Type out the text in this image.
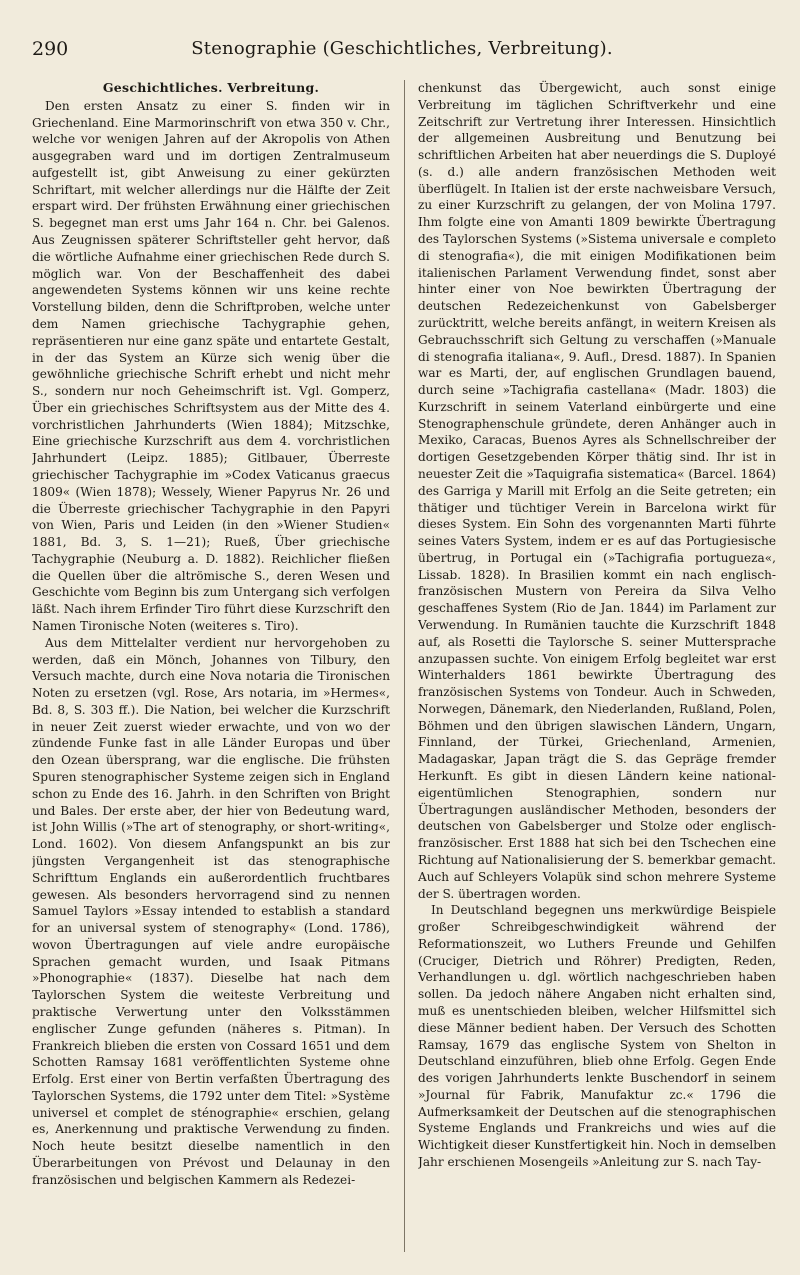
290	Stenographie (Geschichtliches, Verbreitung).
Geschichtliches. Verbreitung.

Den ersten Ansatz zu einer S. finden wir in Griechenland. Eine Marmorinschrift von etwa 350 v. Chr., welche vor wenigen Jahren auf der Akropolis von Athen ausgegraben ward und im dortigen Zentralmuseum aufgestellt ist, gibt Anweisung zu einer gekürzten Schriftart, mit welcher allerdings nur die Hälfte der Zeit erspart wird. Der frühsten Erwähnung einer griechischen S. begegnet man erst ums Jahr 164 n. Chr. bei Galenos. Aus Zeugnissen späterer Schriftsteller geht hervor, daß die wörtliche Aufnahme einer griechischen Rede durch S. möglich war. Von der Beschaffenheit des dabei angewendeten Systems können wir uns keine rechte Vorstellung bilden, denn die Schriftproben, welche unter dem Namen griechische Tachygraphie gehen, repräsentieren nur eine ganz späte und entartete Gestalt, in der das System an Kürze sich wenig über die gewöhnliche griechische Schrift erhebt und nicht mehr S., sondern nur noch Geheimschrift ist. Vgl. Gomperz, Über ein griechisches Schriftsystem aus der Mitte des 4. vorchristlichen Jahrhunderts (Wien 1884); Mitzschke, Eine griechische Kurzschrift aus dem 4. vorchristlichen Jahrhundert (Leipz. 1885); Gitlbauer, Überreste griechischer Tachygraphie im »Codex Vaticanus graecus 1809« (Wien 1878); Wessely, Wiener Papyrus Nr. 26 und die Überreste griechischer Tachygraphie in den Papyri von Wien, Paris und Leiden (in den »Wiener Studien« 1881, Bd. 3, S. 1—21); Rueß, Über griechische Tachygraphie (Neuburg a. D. 1882). Reichlicher fließen die Quellen über die altrömische S., deren Wesen und Geschichte vom Beginn bis zum Untergang sich verfolgen läßt. Nach ihrem Erfinder Tiro führt diese Kurzschrift den Namen Tironische Noten (weiteres s. Tiro).

Aus dem Mittelalter verdient nur hervorgehoben zu werden, daß ein Mönch, Johannes von Tilbury, den Versuch machte, durch eine Nova notaria die Tironischen Noten zu ersetzen (vgl. Rose, Ars notaria, im »Hermes«, Bd. 8, S. 303 ff.). Die Nation, bei welcher die Kurzschrift in neuer Zeit zuerst wieder erwachte, und von wo der zündende Funke fast in alle Länder Europas und über den Ozean übersprang, war die englische. Die frühsten Spuren stenographischer Systeme zeigen sich in England schon zu Ende des 16. Jahrh. in den Schriften von Bright und Bales. Der erste aber, der hier von Bedeutung ward, ist John Willis (»The art of stenography, or short-writing«, Lond. 1602). Von diesem Anfangspunkt an bis zur jüngsten Vergangenheit ist das stenographische Schrifttum Englands ein außerordentlich fruchtbares gewesen. Als besonders hervorragend sind zu nennen Samuel Taylors »Essay intended to establish a standard for an universal system of stenography« (Lond. 1786), wovon Übertragungen auf viele andre europäische Sprachen gemacht wurden, und Isaak Pitmans »Phonographie« (1837). Dieselbe hat nach dem Taylorschen System die weiteste Verbreitung und praktische Verwertung unter den Volksstämmen englischer Zunge gefunden (näheres s. Pitman). In Frankreich blieben die ersten von Cossard 1651 und dem Schotten Ramsay 1681 veröffentlichten Systeme ohne Erfolg. Erst einer von Bertin verfaßten Übertragung des Taylorschen Systems, die 1792 unter dem Titel: »Système universel et complet de sténographie« erschien, gelang es, Anerkennung und praktische Verwendung zu finden. Noch heute besitzt dieselbe namentlich in den Überarbeitungen von Prévost und Delaunay in den französischen und belgischen Kammern als Redezei-

chenkunst das Übergewicht, auch sonst einige Verbreitung im täglichen Schriftverkehr und eine Zeitschrift zur Vertretung ihrer Interessen. Hinsichtlich der allgemeinen Ausbreitung und Benutzung bei schriftlichen Arbeiten hat aber neuerdings die S. Duployé (s. d.) alle andern französischen Methoden weit überflügelt. In Italien ist der erste nachweisbare Versuch, zu einer Kurzschrift zu gelangen, der von Molina 1797. Ihm folgte eine von Amanti 1809 bewirkte Übertragung des Taylorschen Systems (»Sistema universale e completo di stenografia«), die mit einigen Modifikationen beim italienischen Parlament Verwendung findet, sonst aber hinter einer von Noe bewirkten Übertragung der deutschen Redezeichenkunst von Gabelsberger zurücktritt, welche bereits anfängt, in weitern Kreisen als Gebrauchsschrift sich Geltung zu verschaffen (»Manuale di stenografia italiana«, 9. Aufl., Dresd. 1887). In Spanien war es Marti, der, auf englischen Grundlagen bauend, durch seine »Tachigrafia castellana« (Madr. 1803) die Kurzschrift in seinem Vaterland einbürgerte und eine Stenographenschule gründete, deren Anhänger auch in Mexiko, Caracas, Buenos Ayres als Schnellschreiber der dortigen Gesetzgebenden Körper thätig sind. Ihr ist in neuester Zeit die »Taquigrafia sistematica« (Barcel. 1864) des Garriga y Marill mit Erfolg an die Seite getreten; ein thätiger und tüchtiger Verein in Barcelona wirkt für dieses System. Ein Sohn des vorgenannten Marti führte seines Vaters System, indem er es auf das Portugiesische übertrug, in Portugal ein (»Tachigrafia portugueza«, Lissab. 1828). In Brasilien kommt ein nach englisch-französischen Mustern von Pereira da Silva Velho geschaffenes System (Rio de Jan. 1844) im Parlament zur Verwendung. In Rumänien tauchte die Kurzschrift 1848 auf, als Rosetti die Taylorsche S. seiner Muttersprache anzupassen suchte. Von einigem Erfolg begleitet war erst Winterhalders 1861 bewirkte Übertragung des französischen Systems von Tondeur. Auch in Schweden, Norwegen, Dänemark, den Niederlanden, Rußland, Polen, Böhmen und den übrigen slawischen Ländern, Ungarn, Finnland, der Türkei, Griechenland, Armenien, Madagaskar, Japan trägt die S. das Gepräge fremder Herkunft. Es gibt in diesen Ländern keine national-eigentümlichen Stenographien, sondern nur Übertragungen ausländischer Methoden, besonders der deutschen von Gabelsberger und Stolze oder englisch-französischer. Erst 1888 hat sich bei den Tschechen eine Richtung auf Nationalisierung der S. bemerkbar gemacht. Auch auf Schleyers Volapük sind schon mehrere Systeme der S. übertragen worden.

In Deutschland begegnen uns merkwürdige Beispiele großer Schreibgeschwindigkeit während der Reformationszeit, wo Luthers Freunde und Gehilfen (Cruciger, Dietrich und Röhrer) Predigten, Reden, Verhandlungen u. dgl. wörtlich nachgeschrieben haben sollen. Da jedoch nähere Angaben nicht erhalten sind, muß es unentschieden bleiben, welcher Hilfsmittel sich diese Männer bedient haben. Der Versuch des Schotten Ramsay, 1679 das englische System von Shelton in Deutschland einzuführen, blieb ohne Erfolg. Gegen Ende des vorigen Jahrhunderts lenkte Buschendorf in seinem »Journal für Fabrik, Manufaktur zc.« 1796 die Aufmerksamkeit der Deutschen auf die stenographischen Systeme Englands und Frankreichs und wies auf die Wichtigkeit dieser Kunstfertigkeit hin. Noch in demselben Jahr erschienen Mosengeils »Anleitung zur S. nach Tay-
